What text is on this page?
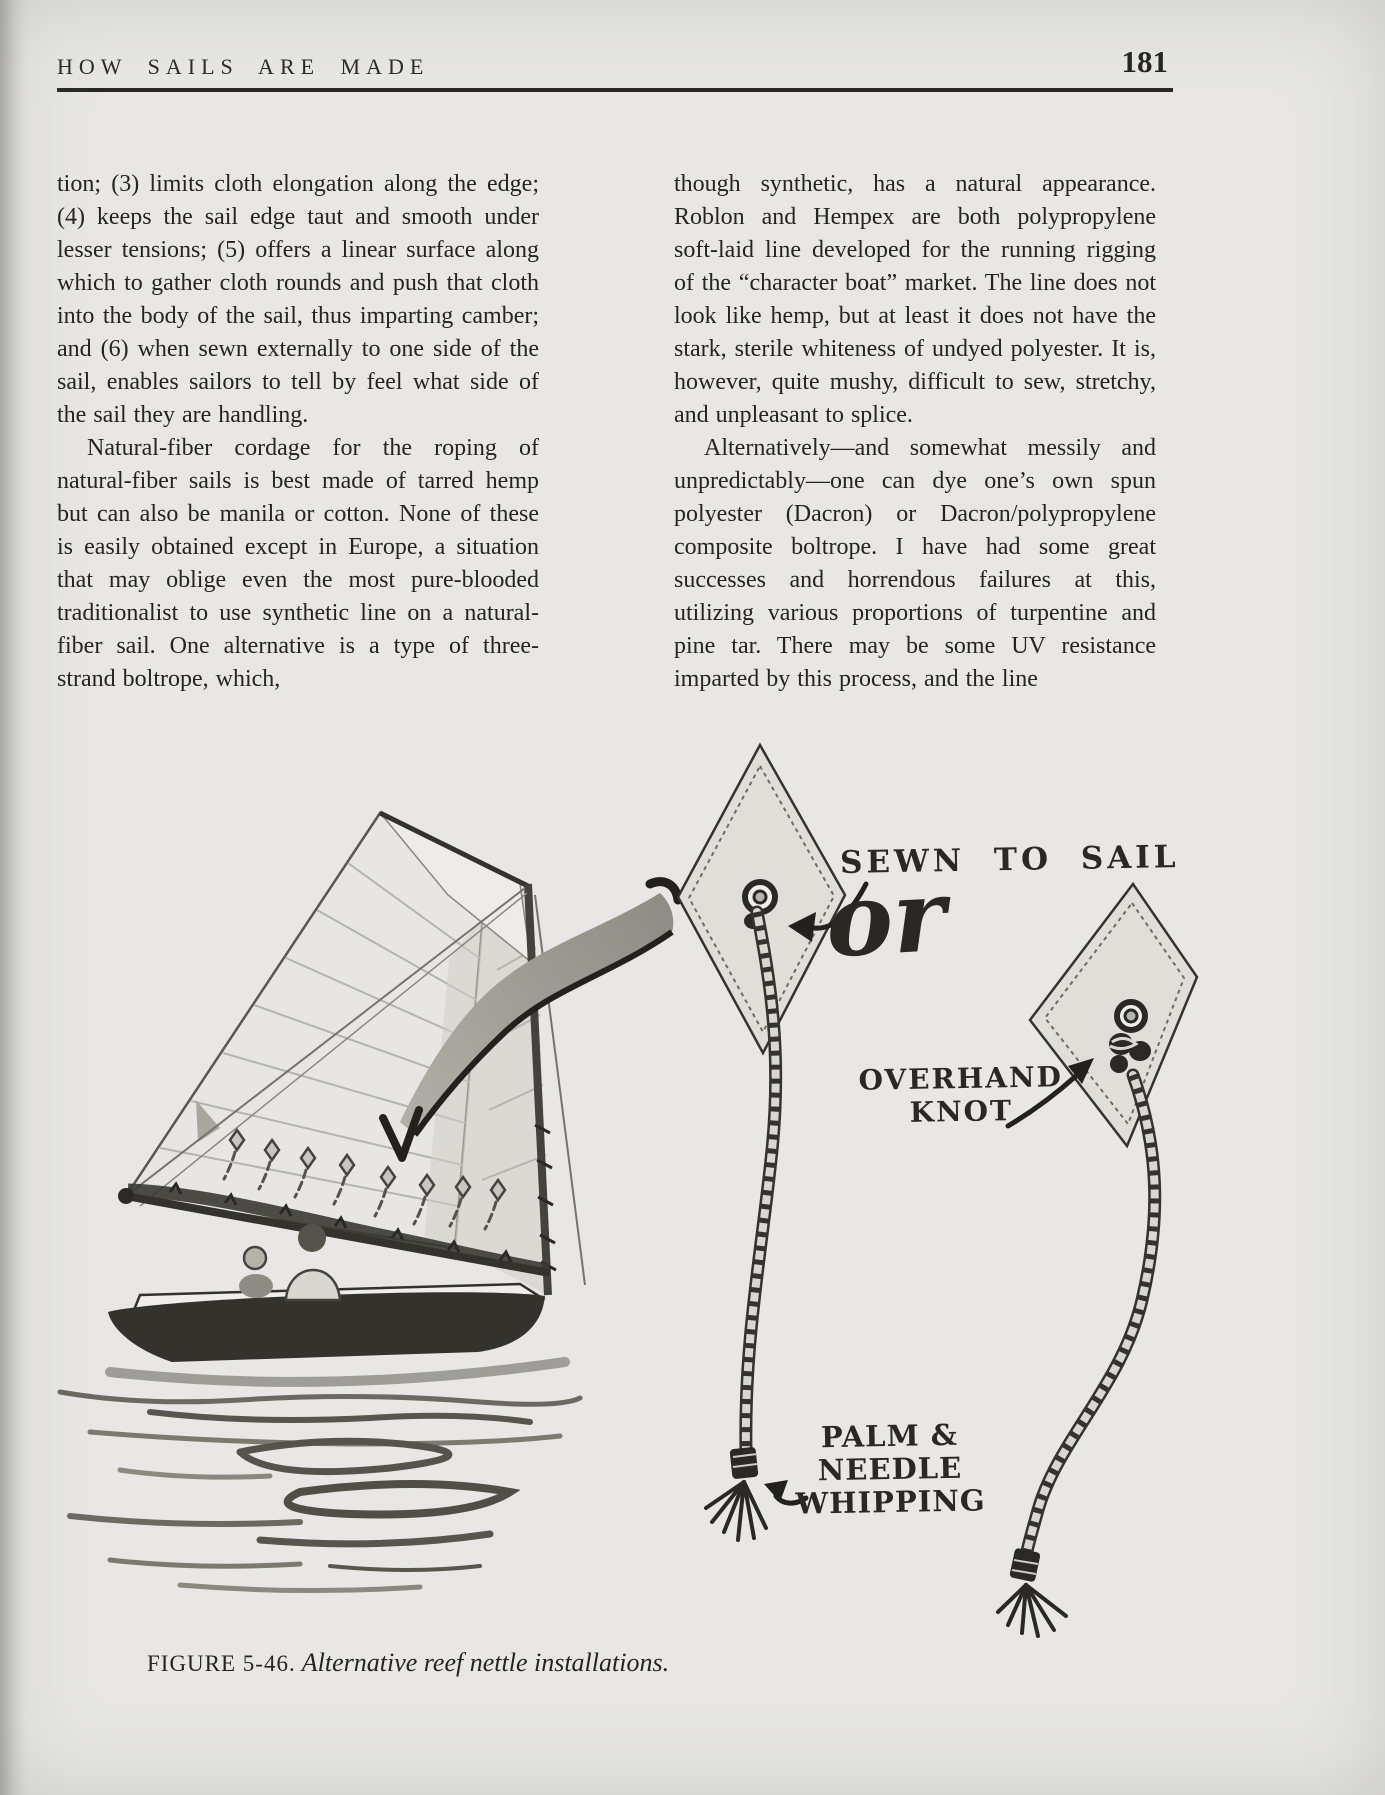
HOW SAILS ARE MADE	181

tion; (3) limits cloth elongation along the edge; (4) keeps the sail edge taut and smooth under lesser tensions; (5) offers a linear surface along which to gather cloth rounds and push that cloth into the body of the sail, thus imparting camber; and (6) when sewn externally to one side of the sail, enables sailors to tell by feel what side of the sail they are handling.

Natural-fiber cordage for the roping of natural-fiber sails is best made of tarred hemp but can also be manila or cotton. None of these is easily obtained except in Europe, a situation that may oblige even the most pure-blooded traditionalist to use synthetic line on a natural-fiber sail. One alternative is a type of three-strand boltrope, which,

though synthetic, has a natural appearance. Roblon and Hempex are both polypropylene soft-laid line developed for the running rigging of the “character boat” market. The line does not look like hemp, but at least it does not have the stark, sterile whiteness of undyed polyester. It is, however, quite mushy, difficult to sew, stretchy, and unpleasant to splice.

Alternatively—and somewhat messily and unpredictably—one can dye one’s own spun polyester (Dacron) or Dacron/polypropylene composite boltrope. I have had some great successes and horrendous failures at this, utilizing various proportions of turpentine and pine tar. There may be some UV resistance imparted by this process, and the line

SEWN TO SAIL
or
OVERHAND
KNOT
PALM & NEEDLE
WHIPPING
FIGURE 5-46. Alternative reef nettle installations.
